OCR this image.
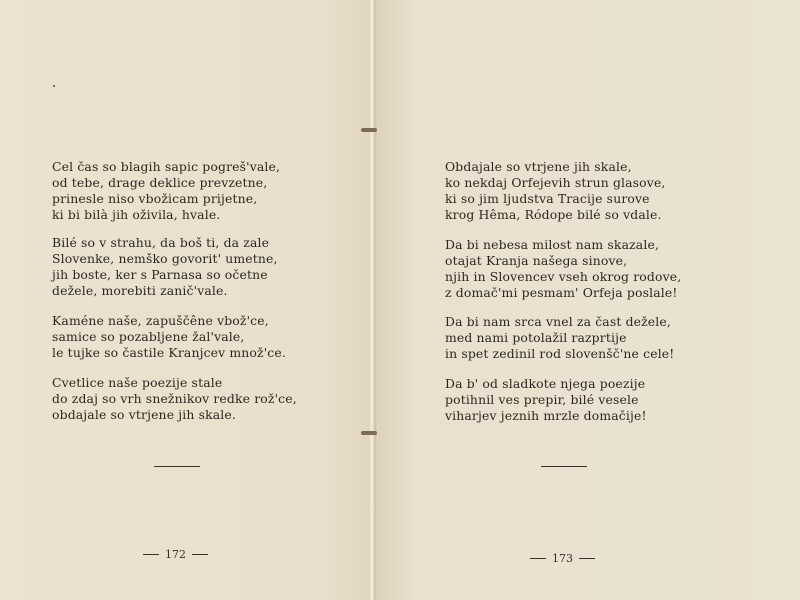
Cel čas so blagih sapic pogreš'vale,
od tebe, drage deklice prevzetne,
prinesle niso vbožicam prijetne,
ki bi bilà jih oživila, hvale.

Bilé so v strahu, da boš ti, da zale
Slovenke, nemško govorit' umetne,
jih boste, ker s Parnasa so očetne
dežele, morebiti zanič'vale.

Kaméne naše, zapuščêne vbož'ce,
samice so pozabljene žal'vale,
le tujke so častile Kranjcev množ'ce.

Cvetlice naše poezije stale
do zdaj so vrh snežnikov redke rož'ce,
obdajale so vtrjene jih skale.

172

Obdajale so vtrjene jih skale,
ko nekdaj Orfejevih strun glasove,
ki so jim ljudstva Tracije surove
krog Hêma, Ródope bilé so vdale.

Da bi nebesa milost nam skazale,
otajat Kranja našega sinove,
njih in Slovencev vseh okrog rodove,
z domač'mi pesmam' Orfeja poslale!

Da bi nam srca vnel za čast dežele,
med nami potolažil razprtije
in spet zedinil rod slovenšč'ne cele!

Da b' od sladkote njega poezije
potihnil ves prepir, bilé vesele
viharjev jeznih mrzle domačije!

173
